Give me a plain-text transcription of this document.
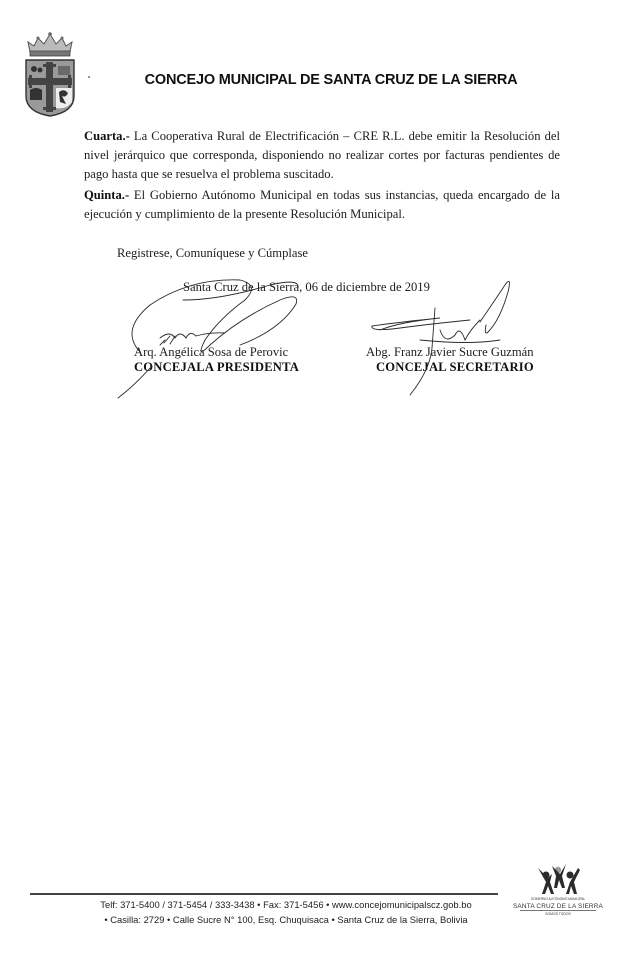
CONCEJO MUNICIPAL DE SANTA CRUZ DE LA SIERRA
Cuarta.- La Cooperativa Rural de Electrificación – CRE R.L. debe emitir la Resolución del nivel jerárquico que corresponda, disponiendo no realizar cortes por facturas pendientes de pago hasta que se resuelva el problema suscitado.
Quinta.- El Gobierno Autónomo Municipal en todas sus instancias, queda encargado de la ejecución y cumplimiento de la presente Resolución Municipal.
Registrese, Comuníquese y Cúmplase
Santa Cruz de la Sierra, 06 de diciembre de 2019
Arq. Angélica Sosa de Perovic
CONCEJALA PRESIDENTA
Abg. Franz Javier Sucre Guzmán
CONCEJAL SECRETARIO
Telf: 371-5400 / 371-5454 / 333-3438 • Fax: 371-5456 • www.concejomunicipalscz.gob.bo
• Casilla: 2729 • Calle Sucre N° 100, Esq. Chuquisaca • Santa Cruz de la Sierra, Bolivia
GOBIERNO AUTÓNOMO MUNICIPAL
SANTA CRUZ DE LA SIERRA
SOMOS TODOS
